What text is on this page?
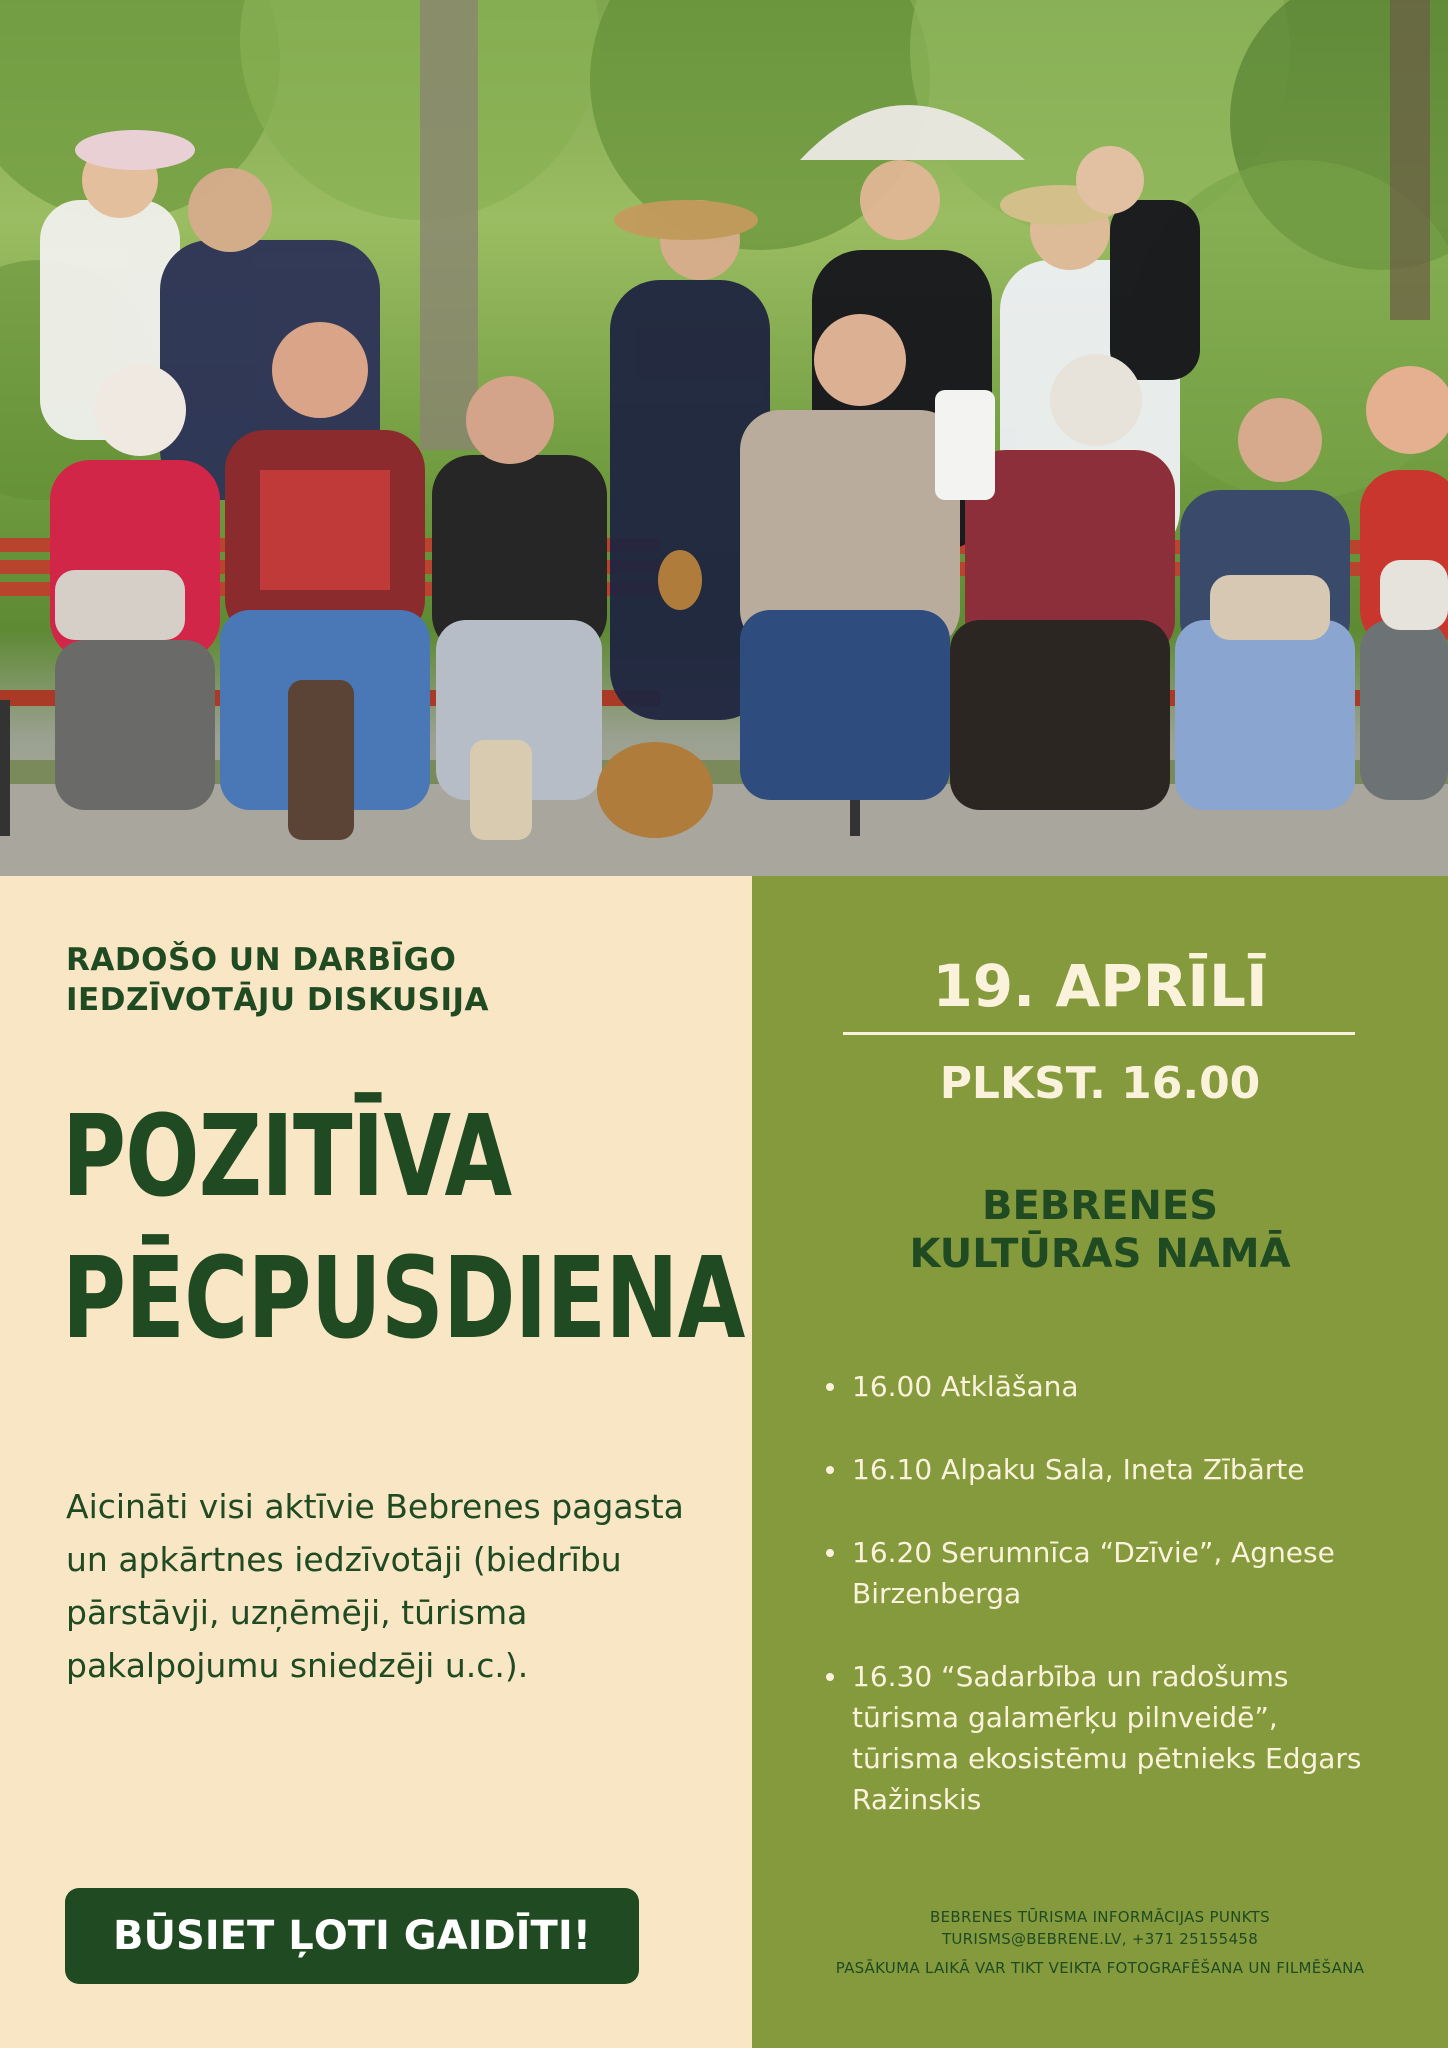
RADOŠO UN DARBĪGO
IEDZĪVOTĀJU DISKUSIJA
POZITĪVA
PĒCPUSDIENA
Aicināti visi aktīvie Bebrenes pagasta un apkārtnes iedzīvotāji (biedrību pārstāvji, uzņēmēji, tūrisma pakalpojumu sniedzēji u.c.).
BŪSIET ĻOTI GAIDĪTI!
19. APRĪLĪ
PLKST. 16.00
BEBRENES
KULTŪRAS NAMĀ
16.00 Atklāšana
16.10 Alpaku Sala, Ineta Zībārte
16.20 Serumnīca “Dzīvie”, Agnese Birzenberga
16.30 “Sadarbība un radošums tūrisma galamērķu pilnveidē”, tūrisma ekosistēmu pētnieks Edgars Ražinskis
BEBRENES TŪRISMA INFORMĀCIJAS PUNKTS
TURISMS@BEBRENE.LV, +371 25155458
PASĀKUMA LAIKĀ VAR TIKT VEIKTA FOTOGRAFĒŠANA UN FILMĒŠANA
